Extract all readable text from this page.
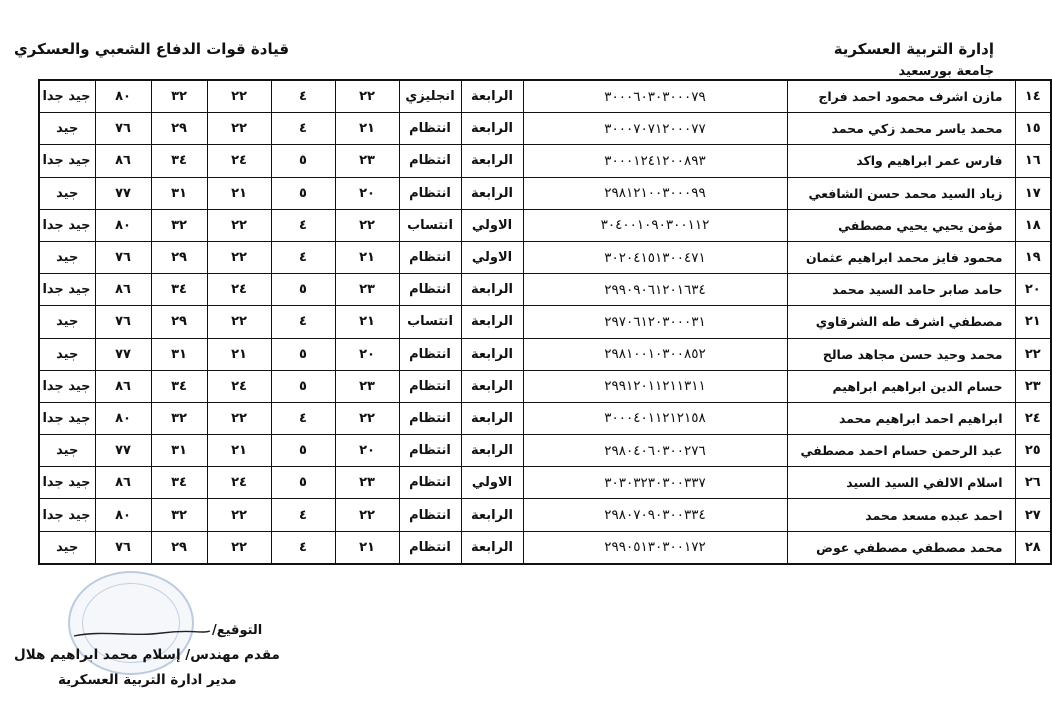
إدارة التربية العسكرية
جامعة بورسعيد
قيادة قوات الدفاع الشعبي والعسكري
١٤	مازن اشرف محمود احمد فراج	٣٠٠٠٦٠٣٠٣٠٠٠٧٩	الرابعة	انجليزي	٢٢	٤	٢٢	٣٢	٨٠	جيد جدا
١٥	محمد ياسر محمد زكي محمد	٣٠٠٠٧٠٧١٢٠٠٠٧٧	الرابعة	انتظام	٢١	٤	٢٢	٢٩	٧٦	جيد
١٦	فارس عمر ابراهيم واكد	٣٠٠٠١٢٤١٢٠٠٨٩٣	الرابعة	انتظام	٢٣	٥	٢٤	٣٤	٨٦	جيد جدا
١٧	زياد السيد محمد حسن الشافعي	٢٩٨١٢١٠٠٣٠٠٠٩٩	الرابعة	انتظام	٢٠	٥	٢١	٣١	٧٧	جيد
١٨	مؤمن يحيي يحيي مصطفي	٣٠٤٠٠١٠٩٠٣٠٠١١٢	الاولي	انتساب	٢٢	٤	٢٢	٣٢	٨٠	جيد جدا
١٩	محمود فايز محمد ابراهيم عثمان	٣٠٢٠٤١٥١٣٠٠٤٧١	الاولي	انتظام	٢١	٤	٢٢	٢٩	٧٦	جيد
٢٠	حامد صابر حامد السيد محمد	٢٩٩٠٩٠٦١٢٠١٦٣٤	الرابعة	انتظام	٢٣	٥	٢٤	٣٤	٨٦	جيد جدا
٢١	مصطفي اشرف طه الشرقاوي	٢٩٧٠٦١٢٠٣٠٠٠٣١	الرابعة	انتساب	٢١	٤	٢٢	٢٩	٧٦	جيد
٢٢	محمد وحيد حسن مجاهد صالح	٢٩٨١٠٠١٠٣٠٠٨٥٢	الرابعة	انتظام	٢٠	٥	٢١	٣١	٧٧	جيد
٢٣	حسام الدين ابراهيم ابراهيم	٢٩٩١٢٠١١٢١١٣١١	الرابعة	انتظام	٢٣	٥	٢٤	٣٤	٨٦	جيد جدا
٢٤	ابراهيم احمد ابراهيم محمد	٣٠٠٠٤٠١١٢١٢١٥٨	الرابعة	انتظام	٢٢	٤	٢٢	٣٢	٨٠	جيد جدا
٢٥	عبد الرحمن حسام احمد مصطفي	٢٩٨٠٤٠٦٠٣٠٠٢٧٦	الرابعة	انتظام	٢٠	٥	٢١	٣١	٧٧	جيد
٢٦	اسلام الالفي السيد السيد	٣٠٣٠٣٢٣٠٣٠٠٣٣٧	الاولي	انتظام	٢٣	٥	٢٤	٣٤	٨٦	جيد جدا
٢٧	احمد عبده مسعد محمد	٢٩٨٠٧٠٩٠٣٠٠٣٣٤	الرابعة	انتظام	٢٢	٤	٢٢	٣٢	٨٠	جيد جدا
٢٨	محمد مصطفي مصطفي عوض	٢٩٩٠٥١٣٠٣٠٠١٧٢	الرابعة	انتظام	٢١	٤	٢٢	٢٩	٧٦	جيد
التوقيع/
مقدم مهندس/ إسلام محمد ابراهيم هلال
مدير ادارة التربية العسكرية
